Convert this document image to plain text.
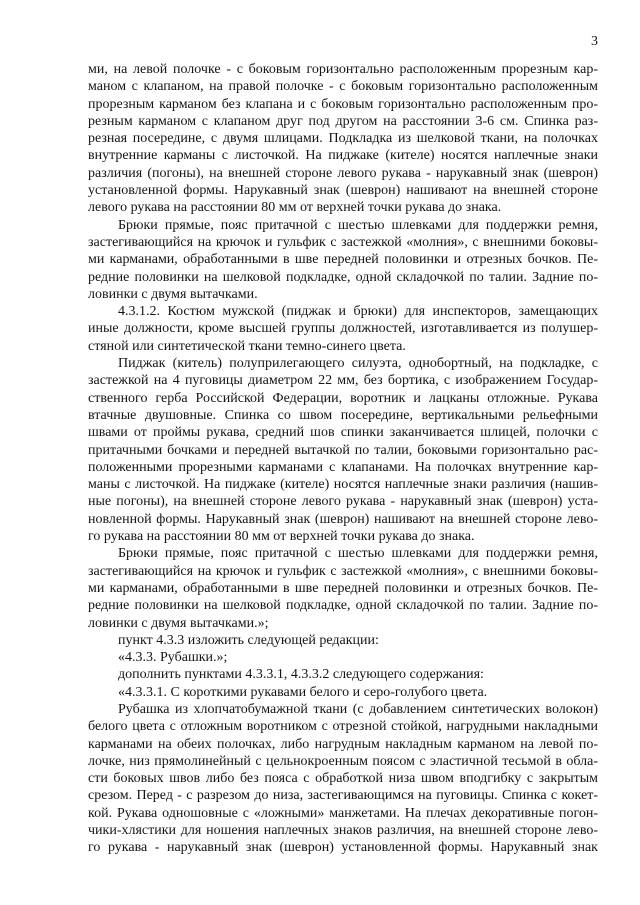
3
ми, на левой полочке - с боковым горизонтально расположенным прорезным кар-
маном с клапаном, на правой полочке - с боковым горизонтально расположенным
прорезным карманом без клапана и с боковым горизонтально расположенным про-
резным карманом с клапаном друг под другом на расстоянии 3-6 см. Спинка раз-
резная посередине, с двумя шлицами. Подкладка из шелковой ткани, на полочках
внутренние карманы с листочкой. На пиджаке (кителе) носятся наплечные знаки
различия (погоны), на внешней стороне левого рукава - нарукавный знак (шеврон)
установленной формы. Нарукавный знак (шеврон) нашивают на внешней стороне
левого рукава на расстоянии 80 мм от верхней точки рукава до знака.
Брюки прямые, пояс притачной с шестью шлевками для поддержки ремня,
застегивающийся на крючок и гульфик с застежкой «молния», с внешними боковы-
ми карманами, обработанными в шве передней половинки и отрезных бочков. Пе-
редние половинки на шелковой подкладке, одной складочкой по талии. Задние по-
ловинки с двумя вытачками.
4.3.1.2. Костюм мужской (пиджак и брюки) для инспекторов, замещающих
иные должности, кроме высшей группы должностей, изготавливается из полушер-
стяной или синтетической ткани темно-синего цвета.
Пиджак (китель) полуприлегающего силуэта, однобортный, на подкладке, с
застежкой на 4 пуговицы диаметром 22 мм, без бортика, с изображением Государ-
ственного герба Российской Федерации, воротник и лацканы отложные. Рукава
втачные двушовные. Спинка со швом посередине, вертикальными рельефными
швами от проймы рукава, средний шов спинки заканчивается шлицей, полочки с
притачными бочками и передней вытачкой по талии, боковыми горизонтально рас-
положенными прорезными карманами с клапанами. На полочках внутренние кар-
маны с листочкой. На пиджаке (кителе) носятся наплечные знаки различия (нашив-
ные погоны), на внешней стороне левого рукава - нарукавный знак (шеврон) уста-
новленной формы. Нарукавный знак (шеврон) нашивают на внешней стороне лево-
го рукава на расстоянии 80 мм от верхней точки рукава до знака.
Брюки прямые, пояс притачной с шестью шлевками для поддержки ремня,
застегивающийся на крючок и гульфик с застежкой «молния», с внешними боковы-
ми карманами, обработанными в шве передней половинки и отрезных бочков. Пе-
редние половинки на шелковой подкладке, одной складочкой по талии. Задние по-
ловинки с двумя вытачками.»;
пункт 4.3.3 изложить следующей редакции:
«4.3.3. Рубашки.»;
дополнить пунктами 4.3.3.1, 4.3.3.2 следующего содержания:
«4.3.3.1. С короткими рукавами белого и серо-голубого цвета.
Рубашка из хлопчатобумажной ткани (с добавлением синтетических волокон)
белого цвета с отложным воротником с отрезной стойкой, нагрудными накладными
карманами на обеих полочках, либо нагрудным накладным карманом на левой по-
лочке, низ прямолинейный с цельнокроенным поясом с эластичной тесьмой в обла-
сти боковых швов либо без пояса с обработкой низа швом вподгибку с закрытым
срезом. Перед - с разрезом до низа, застегивающимся на пуговицы. Спинка с кокет-
кой. Рукава одношовные с «ложными» манжетами. На плечах декоративные погон-
чики-хлястики для ношения наплечных знаков различия, на внешней стороне лево-
го рукава - нарукавный знак (шеврон) установленной формы. Нарукавный знак
